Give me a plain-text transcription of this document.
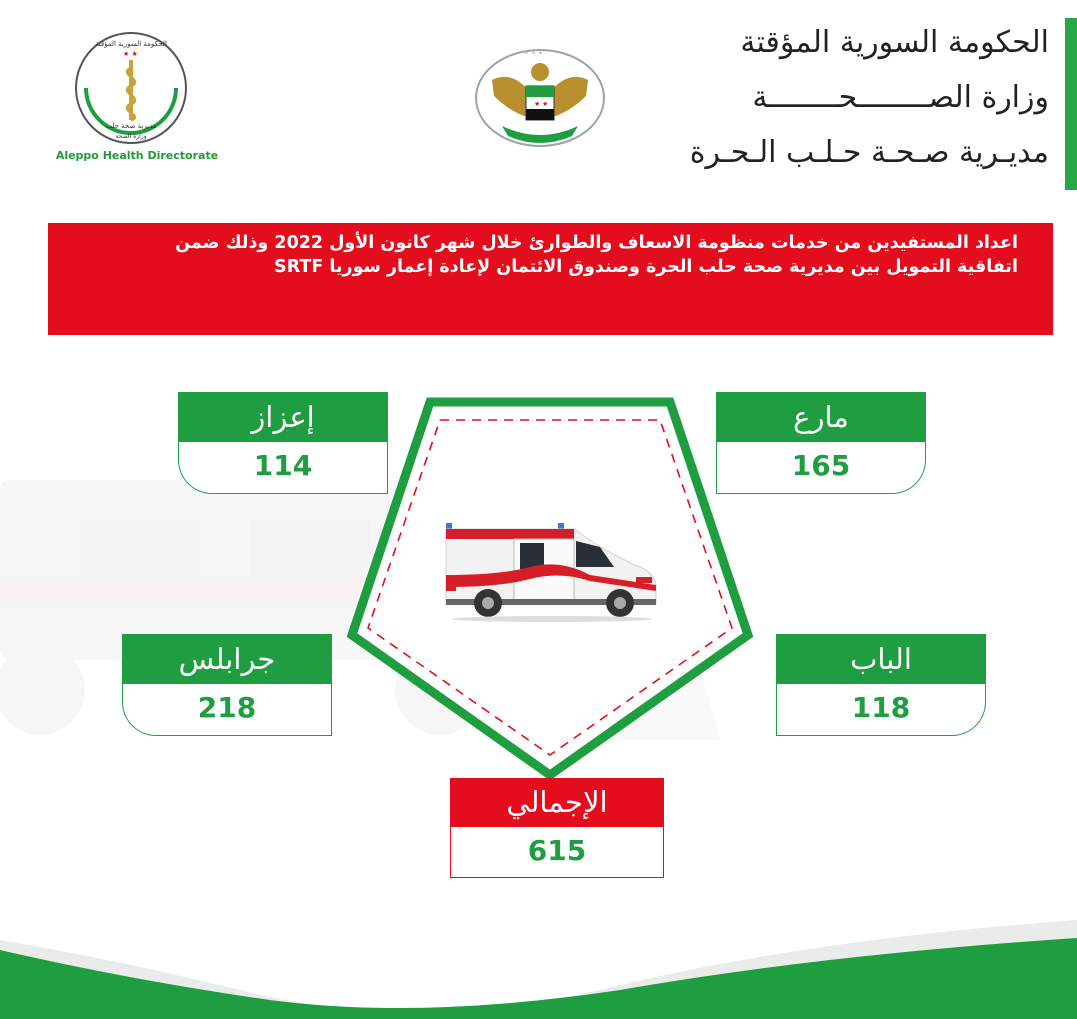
الحكومة السورية المؤقتة
وزارة الصــــــــحــــــــة
مديـرية صـحـة حـلـب الـحـرة
★ ★
✦ ✦ ✦
الحكومة السورية المؤقتة
★ ★
مديرية صحة حلب
وزارة الصحة
Aleppo Health Directorate
اعداد المستفيدين من خدمات منظومة الاسعاف والطوارئ خلال شهر كانون الأول 2022 وذلك ضمن اتفاقية التمويل بين مديرية صحة حلب الحرة وصندوق الائتمان لإعادة إعمار سوريا SRTF
إعزاز
114
مارع
165
جرابلس
218
الباب
118
الإجمالي
615
